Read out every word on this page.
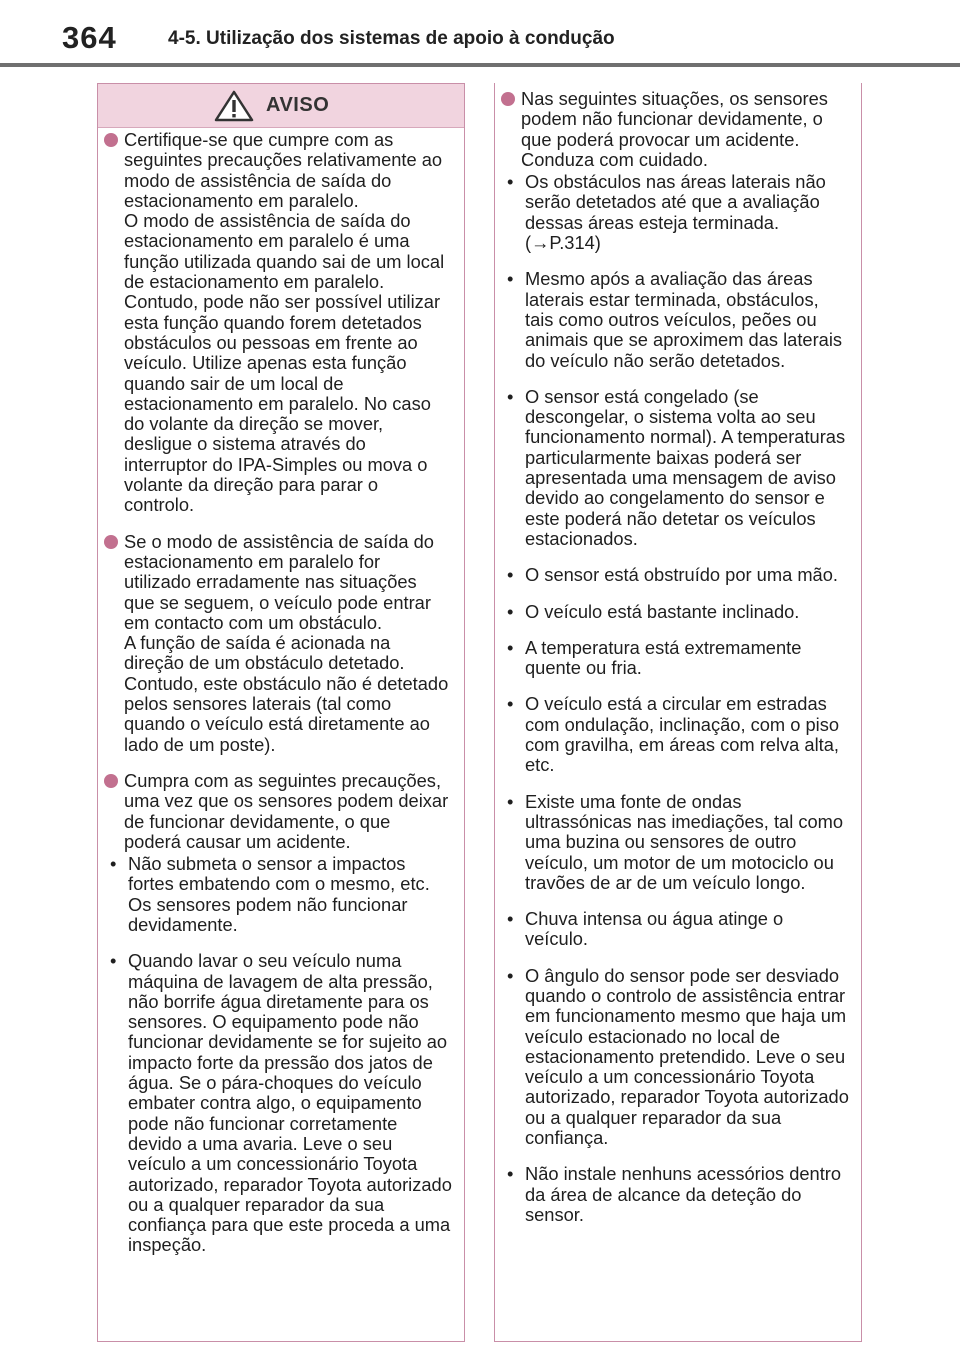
364	4-5. Utilização dos sistemas de apoio à condução
AVISO
Certifique-se que cumpre com as seguintes precauções relativamente ao modo de assistência de saída do estacionamento em paralelo.
O modo de assistência de saída do estacionamento em paralelo é uma função utilizada quando sai de um local de estacionamento em paralelo. Contudo, pode não ser possível utilizar esta função quando forem detetados obstáculos ou pessoas em frente ao veículo. Utilize apenas esta função quando sair de um local de estacionamento em paralelo. No caso do volante da direção se mover, desligue o sistema através do interruptor do IPA-Simples ou mova o volante da direção para parar o controlo.
Se o modo de assistência de saída do estacionamento em paralelo for utilizado erradamente nas situações que se seguem, o veículo pode entrar em contacto com um obstáculo.
A função de saída é acionada na direção de um obstáculo detetado. Contudo, este obstáculo não é detetado pelos sensores laterais (tal como quando o veículo está diretamente ao lado de um poste).
Cumpra com as seguintes precauções, uma vez que os sensores podem deixar de funcionar devidamente, o que poderá causar um acidente.
• Não submeta o sensor a impactos fortes embatendo com o mesmo, etc. Os sensores podem não funcionar devidamente.
• Quando lavar o seu veículo numa máquina de lavagem de alta pressão, não borrife água diretamente para os sensores. O equipamento pode não funcionar devidamente se for sujeito ao impacto forte da pressão dos jatos de água. Se o pára-choques do veículo embater contra algo, o equipamento pode não funcionar corretamente devido a uma avaria. Leve o seu veículo a um concessionário Toyota autorizado, reparador Toyota autorizado ou a qualquer reparador da sua confiança para que este proceda a uma inspeção.
Nas seguintes situações, os sensores podem não funcionar devidamente, o que poderá provocar um acidente. Conduza com cuidado.
• Os obstáculos nas áreas laterais não serão detetados até que a avaliação dessas áreas esteja terminada. (→P.314)
• Mesmo após a avaliação das áreas laterais estar terminada, obstáculos, tais como outros veículos, peões ou animais que se aproximem das laterais do veículo não serão detetados.
• O sensor está congelado (se descongelar, o sistema volta ao seu funcionamento normal). A temperaturas particularmente baixas poderá ser apresentada uma mensagem de aviso devido ao congelamento do sensor e este poderá não detetar os veículos estacionados.
• O sensor está obstruído por uma mão.
• O veículo está bastante inclinado.
• A temperatura está extremamente quente ou fria.
• O veículo está a circular em estradas com ondulação, inclinação, com o piso com gravilha, em áreas com relva alta, etc.
• Existe uma fonte de ondas ultrassónicas nas imediações, tal como uma buzina ou sensores de outro veículo, um motor de um motociclo ou travões de ar de um veículo longo.
• Chuva intensa ou água atinge o veículo.
• O ângulo do sensor pode ser desviado quando o controlo de assistência entrar em funcionamento mesmo que haja um veículo estacionado no local de estacionamento pretendido. Leve o seu veículo a um concessionário Toyota autorizado, reparador Toyota autorizado ou a qualquer reparador da sua confiança.
• Não instale nenhuns acessórios dentro da área de alcance da deteção do sensor.
